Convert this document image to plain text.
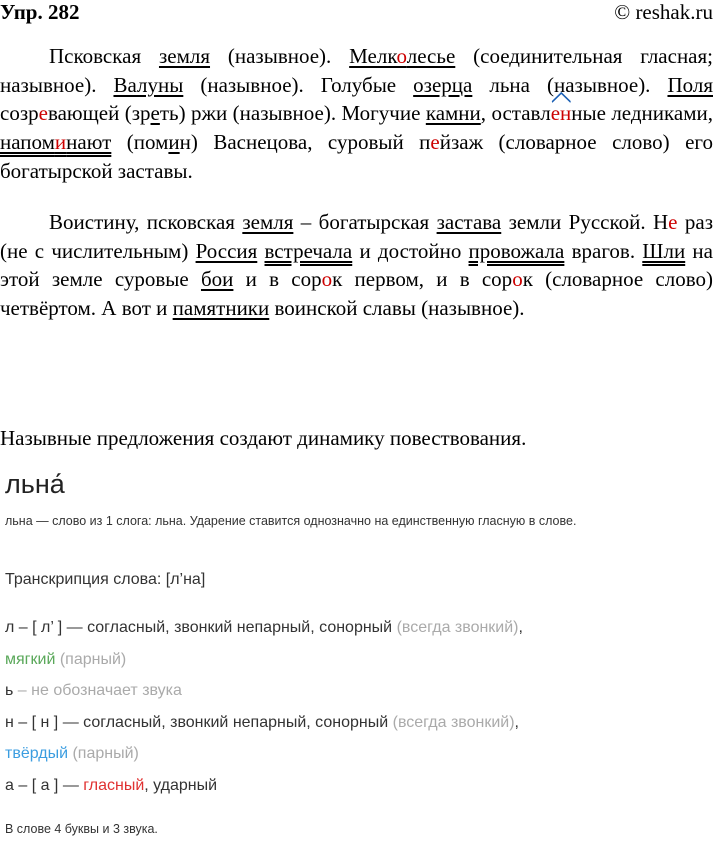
Упр. 282	© reshak.ru
Псковская земля (назывное). Мелколесье (соединительная гласная; назывное). Валуны (назывное). Голубые озерца льна (назывное). Поля созревающей (зреть) ржи (назывное). Могучие камни, оставл
енные ледниками, напоминают (помин) Васнецова, суровый пейзаж (словарное слово) его богатырской заставы.
Воистину, псковская земля – богатырская застава земли Русской. Не раз (не с числительным) Россия встречала и достойно провожала врагов. Шли на этой земле суровые бои и в сорок первом, и в сорок (словарное слово) четвёртом. А вот и памятники воинской славы (назывное).
Назывные предложения создают динамику повествования.
льна́
льна — слово из 1 слога: льна. Ударение ставится однозначно на единственную гласную в слове.
Транскрипция слова: [л’на]
л – [ л’ ] — согласный, звонкий непарный, сонорный (всегда звонкий),
мягкий (парный)
ь – не обозначает звука
н – [ н ] — согласный, звонкий непарный, сонорный (всегда звонкий),
твёрдый (парный)
а – [ а ] — гласный, ударный
В слове 4 буквы и 3 звука.
